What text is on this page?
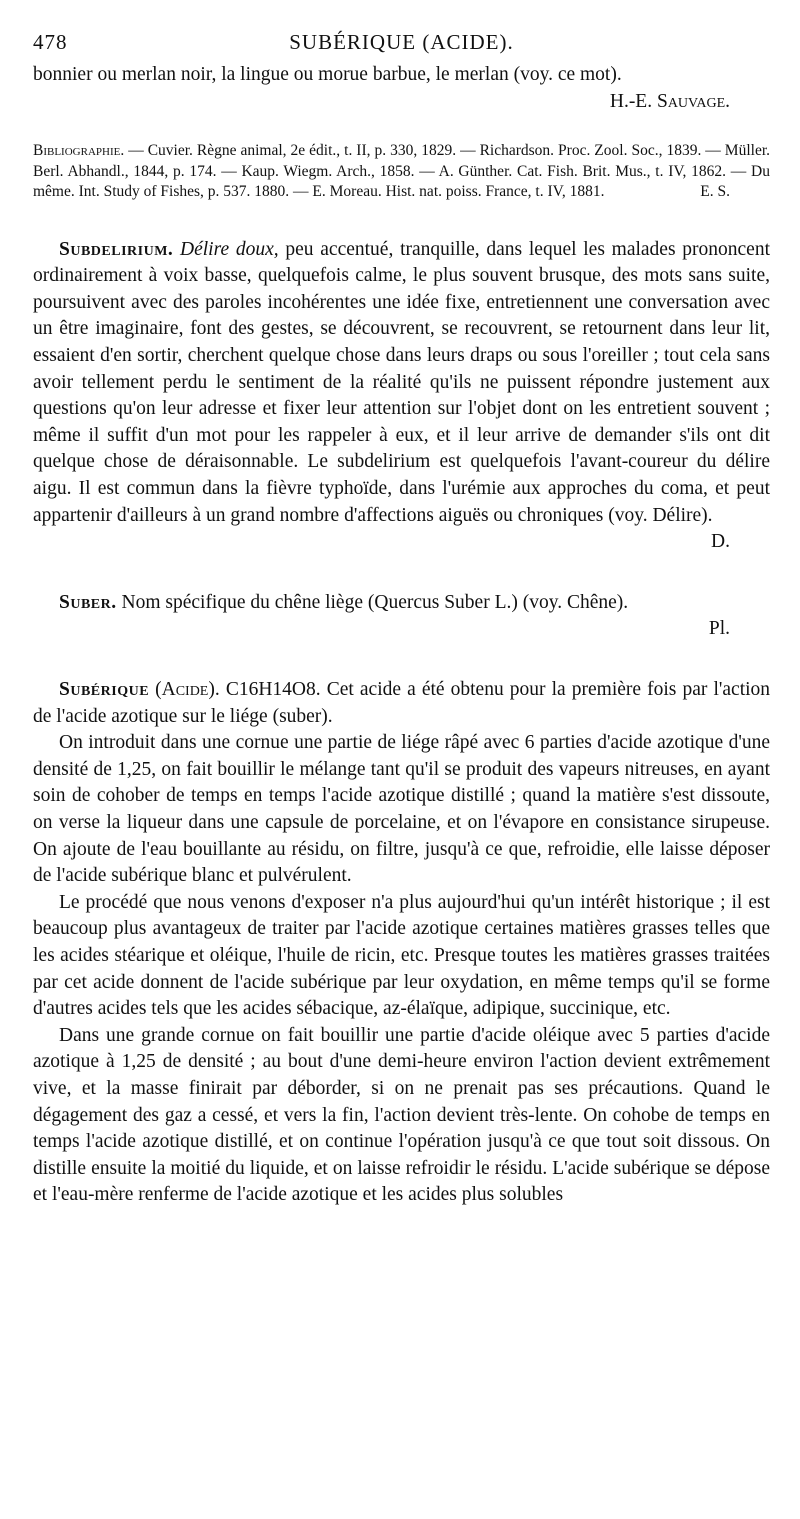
478	SUBÉRIQUE (ACIDE).

bonnier ou merlan noir, la lingue ou morue barbue, le merlan (voy. ce mot).

H.-E. Sauvage.
Bibliographie. — Cuvier. Règne animal, 2e édit., t. II, p. 330, 1829. — Richardson. Proc. Zool. Soc., 1839. — Müller. Berl. Abhandl., 1844, p. 174. — Kaup. Wiegm. Arch., 1858. — A. Günther. Cat. Fish. Brit. Mus., t. IV, 1862. — Du même. Int. Study of Fishes, p. 537. 1880. — E. Moreau. Hist. nat. poiss. France, t. IV, 1881.	E. S.

Subdelirium. Délire doux, peu accentué, tranquille, dans lequel les malades prononcent ordinairement à voix basse, quelquefois calme, le plus souvent brusque, des mots sans suite, poursuivent avec des paroles incohérentes une idée fixe, entretiennent une conversation avec un être imaginaire, font des gestes, se découvrent, se recouvrent, se retournent dans leur lit, essaient d'en sortir, cherchent quelque chose dans leurs draps ou sous l'oreiller ; tout cela sans avoir tellement perdu le sentiment de la réalité qu'ils ne puissent répondre justement aux questions qu'on leur adresse et fixer leur attention sur l'objet dont on les entretient souvent ; même il suffit d'un mot pour les rappeler à eux, et il leur arrive de demander s'ils ont dit quelque chose de déraisonnable. Le subdelirium est quelquefois l'avant-coureur du délire aigu. Il est commun dans la fièvre typhoïde, dans l'urémie aux approches du coma, et peut appartenir d'ailleurs à un grand nombre d'affections aiguës ou chroniques (voy. Délire).

D.

Suber. Nom spécifique du chêne liège (Quercus Suber L.) (voy. Chêne).

Pl.

Subérique (Acide). C16H14O8. Cet acide a été obtenu pour la première fois par l'action de l'acide azotique sur le liége (suber).

On introduit dans une cornue une partie de liége râpé avec 6 parties d'acide azotique d'une densité de 1,25, on fait bouillir le mélange tant qu'il se produit des vapeurs nitreuses, en ayant soin de cohober de temps en temps l'acide azotique distillé ; quand la matière s'est dissoute, on verse la liqueur dans une capsule de porcelaine, et on l'évapore en consistance sirupeuse. On ajoute de l'eau bouillante au résidu, on filtre, jusqu'à ce que, refroidie, elle laisse déposer de l'acide subérique blanc et pulvérulent.

Le procédé que nous venons d'exposer n'a plus aujourd'hui qu'un intérêt historique ; il est beaucoup plus avantageux de traiter par l'acide azotique certaines matières grasses telles que les acides stéarique et oléique, l'huile de ricin, etc. Presque toutes les matières grasses traitées par cet acide donnent de l'acide subérique par leur oxydation, en même temps qu'il se forme d'autres acides tels que les acides sébacique, az-élaïque, adipique, succinique, etc.

Dans une grande cornue on fait bouillir une partie d'acide oléique avec 5 parties d'acide azotique à 1,25 de densité ; au bout d'une demi-heure environ l'action devient extrêmement vive, et la masse finirait par déborder, si on ne prenait pas ses précautions. Quand le dégagement des gaz a cessé, et vers la fin, l'action devient très-lente. On cohobe de temps en temps l'acide azotique distillé, et on continue l'opération jusqu'à ce que tout soit dissous. On distille ensuite la moitié du liquide, et on laisse refroidir le résidu. L'acide subérique se dépose et l'eau-mère renferme de l'acide azotique et les acides plus solubles
